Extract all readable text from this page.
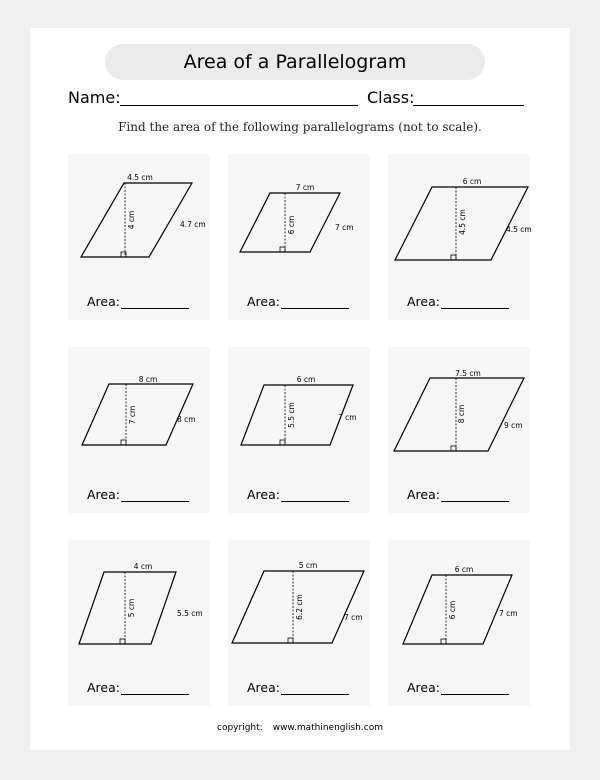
Area of a Parallelogram
Name:	Class:
Find the area of the following parallelograms (not to scale).
4.5 cm
4 cm	4.7 cm
Area:
7 cm
6 cm	7 cm
Area:
6 cm
4.5 cm	4.5 cm
Area:
8 cm
7 cm	8 cm
Area:
6 cm
5.5 cm	7 cm
Area:
7.5 cm
8 cm
9 cm
Area:
4 cm
5 cm	5.5 cm
Area:
5 cm
6.2 cm	7 cm
Area:
6 cm
6 cm	7 cm
Area:
copyright: www.mathinenglish.com
